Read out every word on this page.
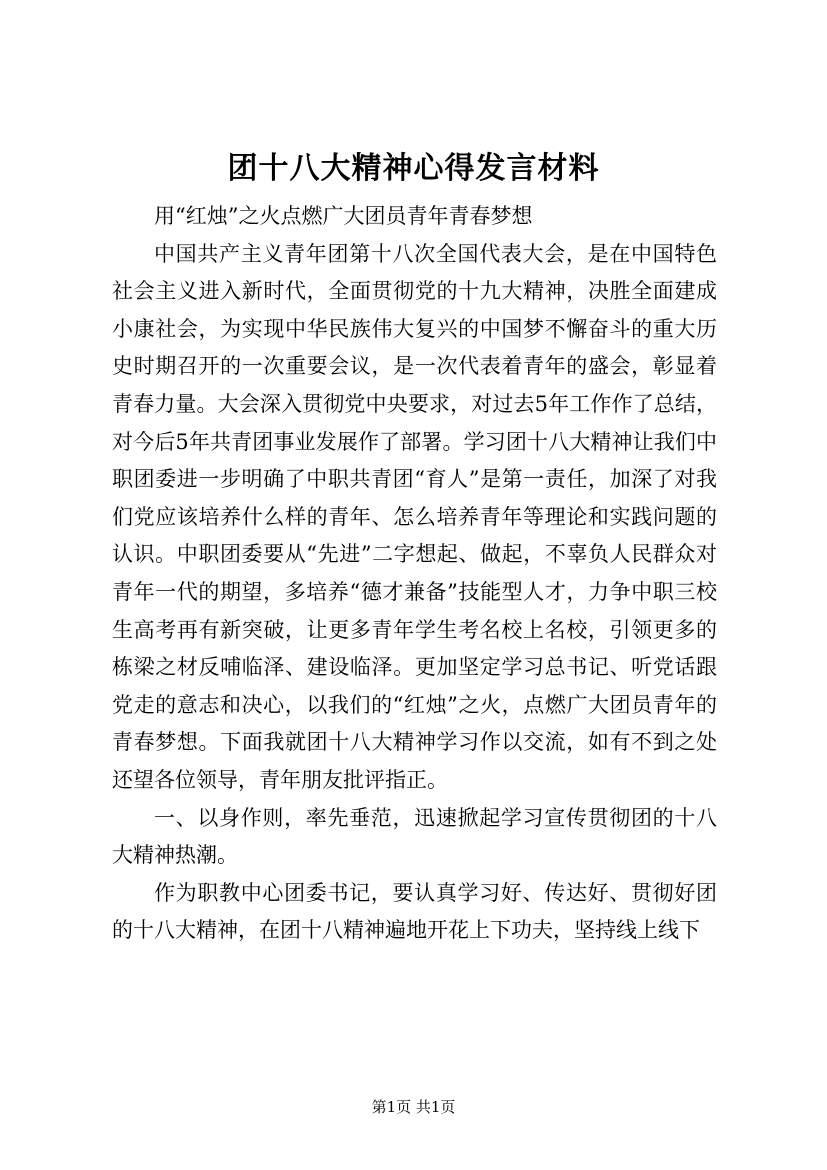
团十八大精神心得发言材料

用“红烛”之火点燃广大团员青年青春梦想

中国共产主义青年团第十八次全国代表大会，是在中国特色社会主义进入新时代，全面贯彻党的十九大精神，决胜全面建成小康社会，为实现中华民族伟大复兴的中国梦不懈奋斗的重大历史时期召开的一次重要会议，是一次代表着青年的盛会，彰显着青春力量。大会深入贯彻党中央要求，对过去5年工作作了总结，对今后5年共青团事业发展作了部署。学习团十八大精神让我们中职团委进一步明确了中职共青团“育人”是第一责任，加深了对我们党应该培养什么样的青年、怎么培养青年等理论和实践问题的认识。中职团委要从“先进”二字想起、做起，不辜负人民群众对青年一代的期望，多培养“德才兼备”技能型人才，力争中职三校生高考再有新突破，让更多青年学生考名校上名校，引领更多的栋梁之材反哺临泽、建设临泽。更加坚定学习总书记、听党话跟党走的意志和决心，以我们的“红烛”之火，点燃广大团员青年的青春梦想。下面我就团十八大精神学习作以交流，如有不到之处还望各位领导，青年朋友批评指正。

一、以身作则，率先垂范，迅速掀起学习宣传贯彻团的十八大精神热潮。

作为职教中心团委书记，要认真学习好、传达好、贯彻好团的十八大精神，在团十八精神遍地开花上下功夫，坚持线上线下

第1页 共1页
